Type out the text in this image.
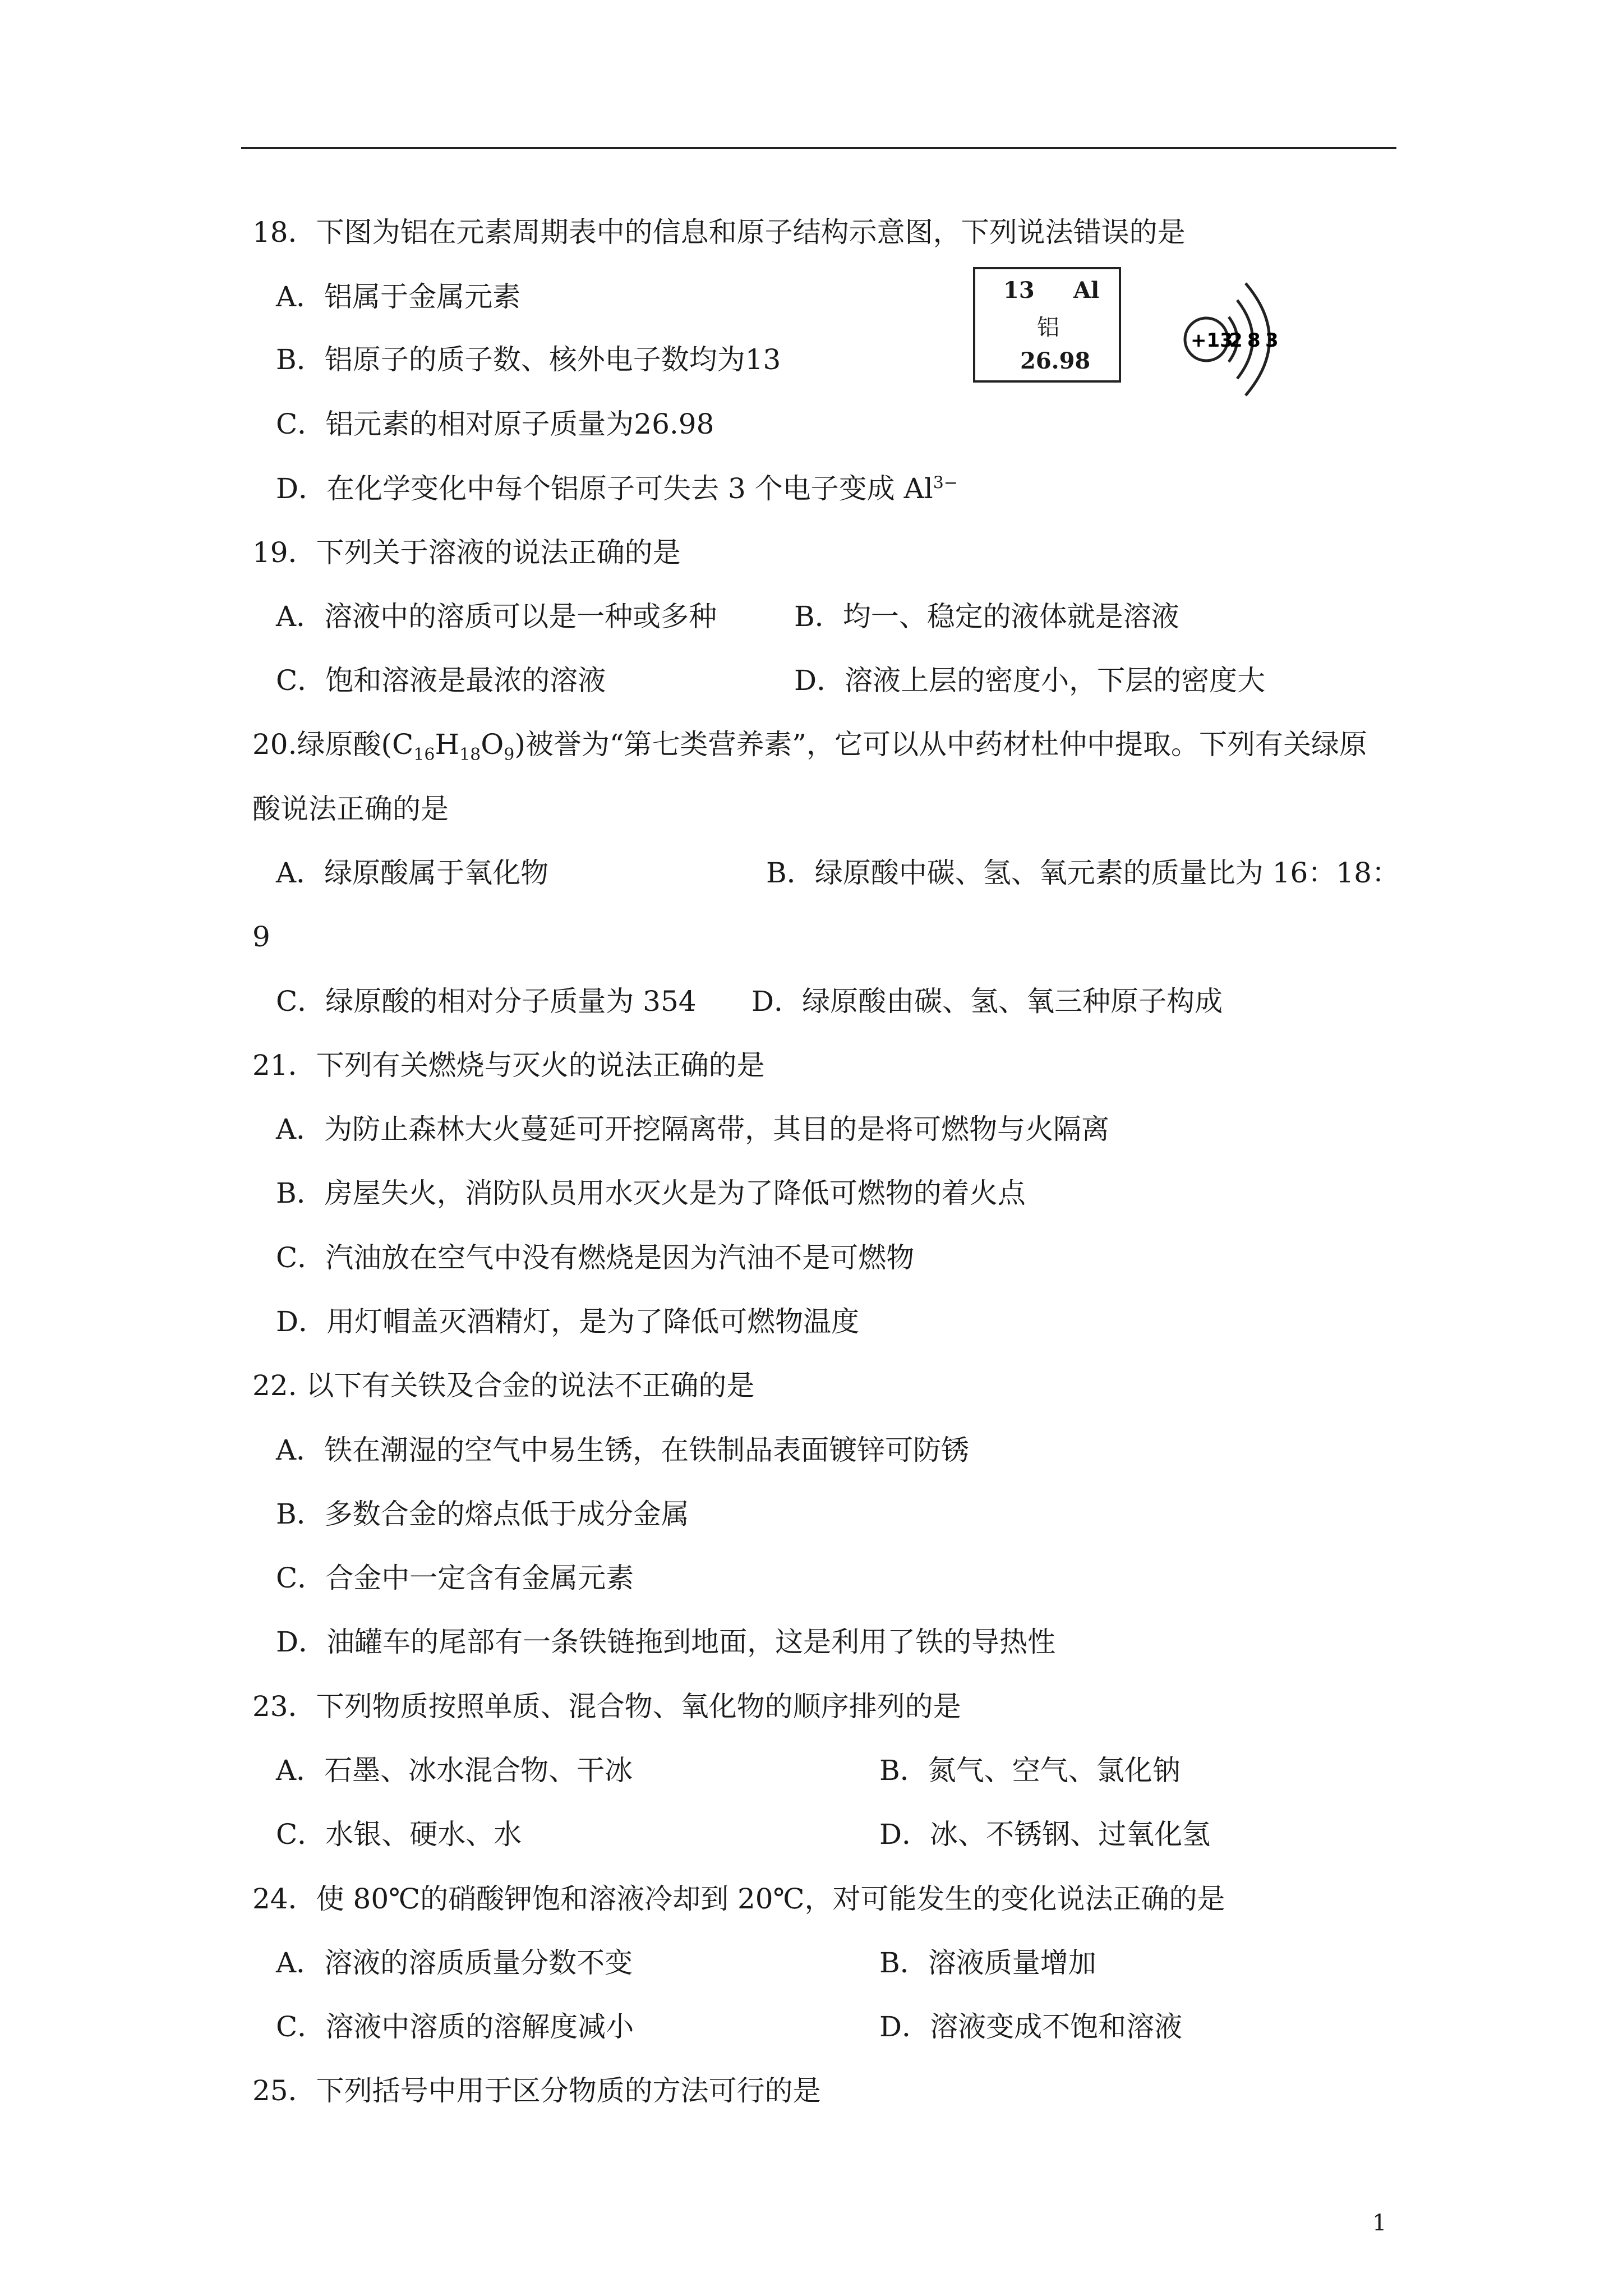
18．下图为铝在元素周期表中的信息和原子结构示意图，下列说法错误的是
A．铝属于金属元素
B．铝原子的质子数、核外电子数均为13
C．铝元素的相对原子质量为26.98
D．在化学变化中每个铝原子可失去 3 个电子变成 $Al^{3-}$
13 Al
铝
26.98
+13
2 8 3
19．下列关于溶液的说法正确的是
A．溶液中的溶质可以是一种或多种	B．均一、稳定的液体就是溶液
C．饱和溶液是最浓的溶液	D．溶液上层的密度小，下层的密度大
20.绿原酸$(C_{16}H_{18}O_9)$被誉为“第七类营养素”，它可以从中药材杜仲中提取。下列有关绿原
酸说法正确的是
A．绿原酸属于氧化物	B．绿原酸中碳、氢、氧元素的质量比为 16：18：
9
C．绿原酸的相对分子质量为 354 D．绿原酸由碳、氢、氧三种原子构成
21．下列有关燃烧与灭火的说法正确的是
A．为防止森林大火蔓延可开挖隔离带，其目的是将可燃物与火隔离
B．房屋失火，消防队员用水灭火是为了降低可燃物的着火点
C．汽油放在空气中没有燃烧是因为汽油不是可燃物
D．用灯帽盖灭酒精灯，是为了降低可燃物温度
22. 以下有关铁及合金的说法不正确的是
A．铁在潮湿的空气中易生锈，在铁制品表面镀锌可防锈
B．多数合金的熔点低于成分金属
C．合金中一定含有金属元素
D．油罐车的尾部有一条铁链拖到地面，这是利用了铁的导热性
23．下列物质按照单质、混合物、氧化物的顺序排列的是
A．石墨、冰水混合物、干冰	B．氮气、空气、氯化钠
C．水银、硬水、水	D．冰、不锈钢、过氧化氢
24．使 80℃的硝酸钾饱和溶液冷却到 20℃，对可能发生的变化说法正确的是
A．溶液的溶质质量分数不变	B．溶液质量增加
C．溶液中溶质的溶解度减小	D．溶液变成不饱和溶液
25．下列括号中用于区分物质的方法可行的是
1
